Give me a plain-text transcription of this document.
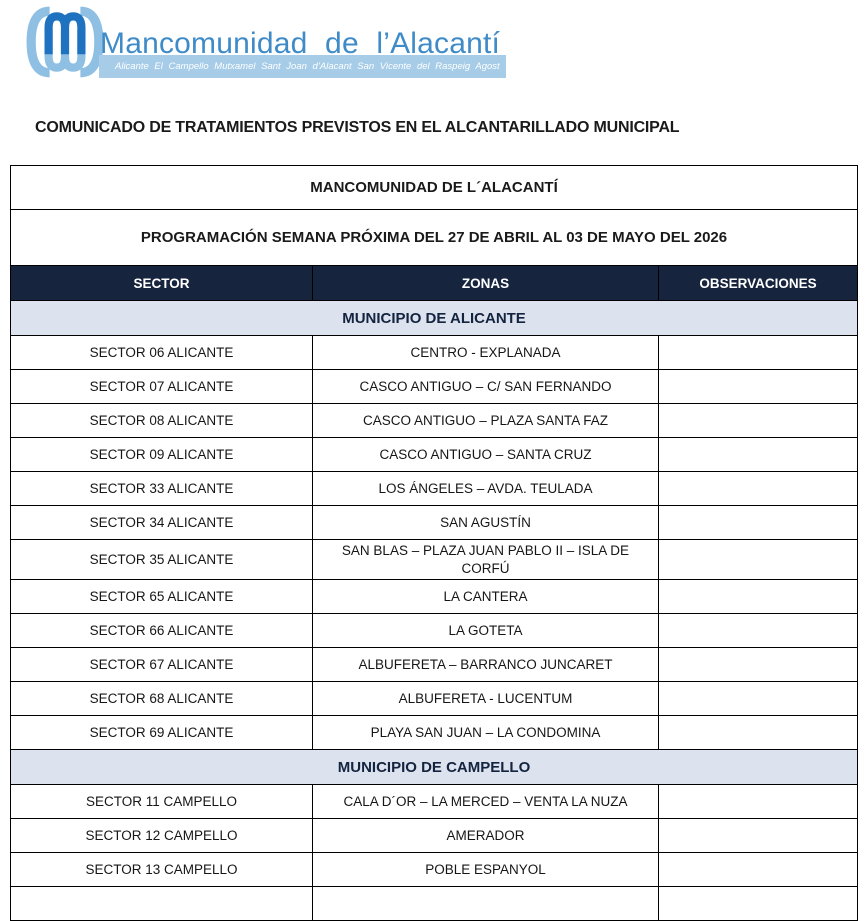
Alicante El Campello Mutxamel Sant Joan d’Alacant San Vicente del Raspeig Agost
Mancomunidad de l’Alacantí
COMUNICADO DE TRATAMIENTOS PREVISTOS EN EL ALCANTARILLADO MUNICIPAL
MANCOMUNIDAD DE L´ALACANTÍ		
PROGRAMACIÓN SEMANA PRÓXIMA DEL 27 DE ABRIL AL 03 DE MAYO DEL 2026		
SECTOR	ZONAS	OBSERVACIONES
MUNICIPIO DE ALICANTE		
SECTOR 06 ALICANTE	CENTRO - EXPLANADA	
SECTOR 07 ALICANTE	CASCO ANTIGUO – C/ SAN FERNANDO	
SECTOR 08 ALICANTE	CASCO ANTIGUO – PLAZA SANTA FAZ	
SECTOR 09 ALICANTE	CASCO ANTIGUO – SANTA CRUZ	
SECTOR 33 ALICANTE	LOS ÁNGELES – AVDA. TEULADA	
SECTOR 34 ALICANTE	SAN AGUSTÍN	
SECTOR 35 ALICANTE	SAN BLAS – PLAZA JUAN PABLO II – ISLA DE CORFÚ	
SECTOR 65 ALICANTE	LA CANTERA	
SECTOR 66 ALICANTE	LA GOTETA	
SECTOR 67 ALICANTE	ALBUFERETA – BARRANCO JUNCARET	
SECTOR 68 ALICANTE	ALBUFERETA - LUCENTUM	
SECTOR 69 ALICANTE	PLAYA SAN JUAN – LA CONDOMINA	
MUNICIPIO DE CAMPELLO		
SECTOR 11 CAMPELLO	CALA D´OR – LA MERCED – VENTA LA NUZA	
SECTOR 12 CAMPELLO	AMERADOR	
SECTOR 13 CAMPELLO	POBLE ESPANYOL	
